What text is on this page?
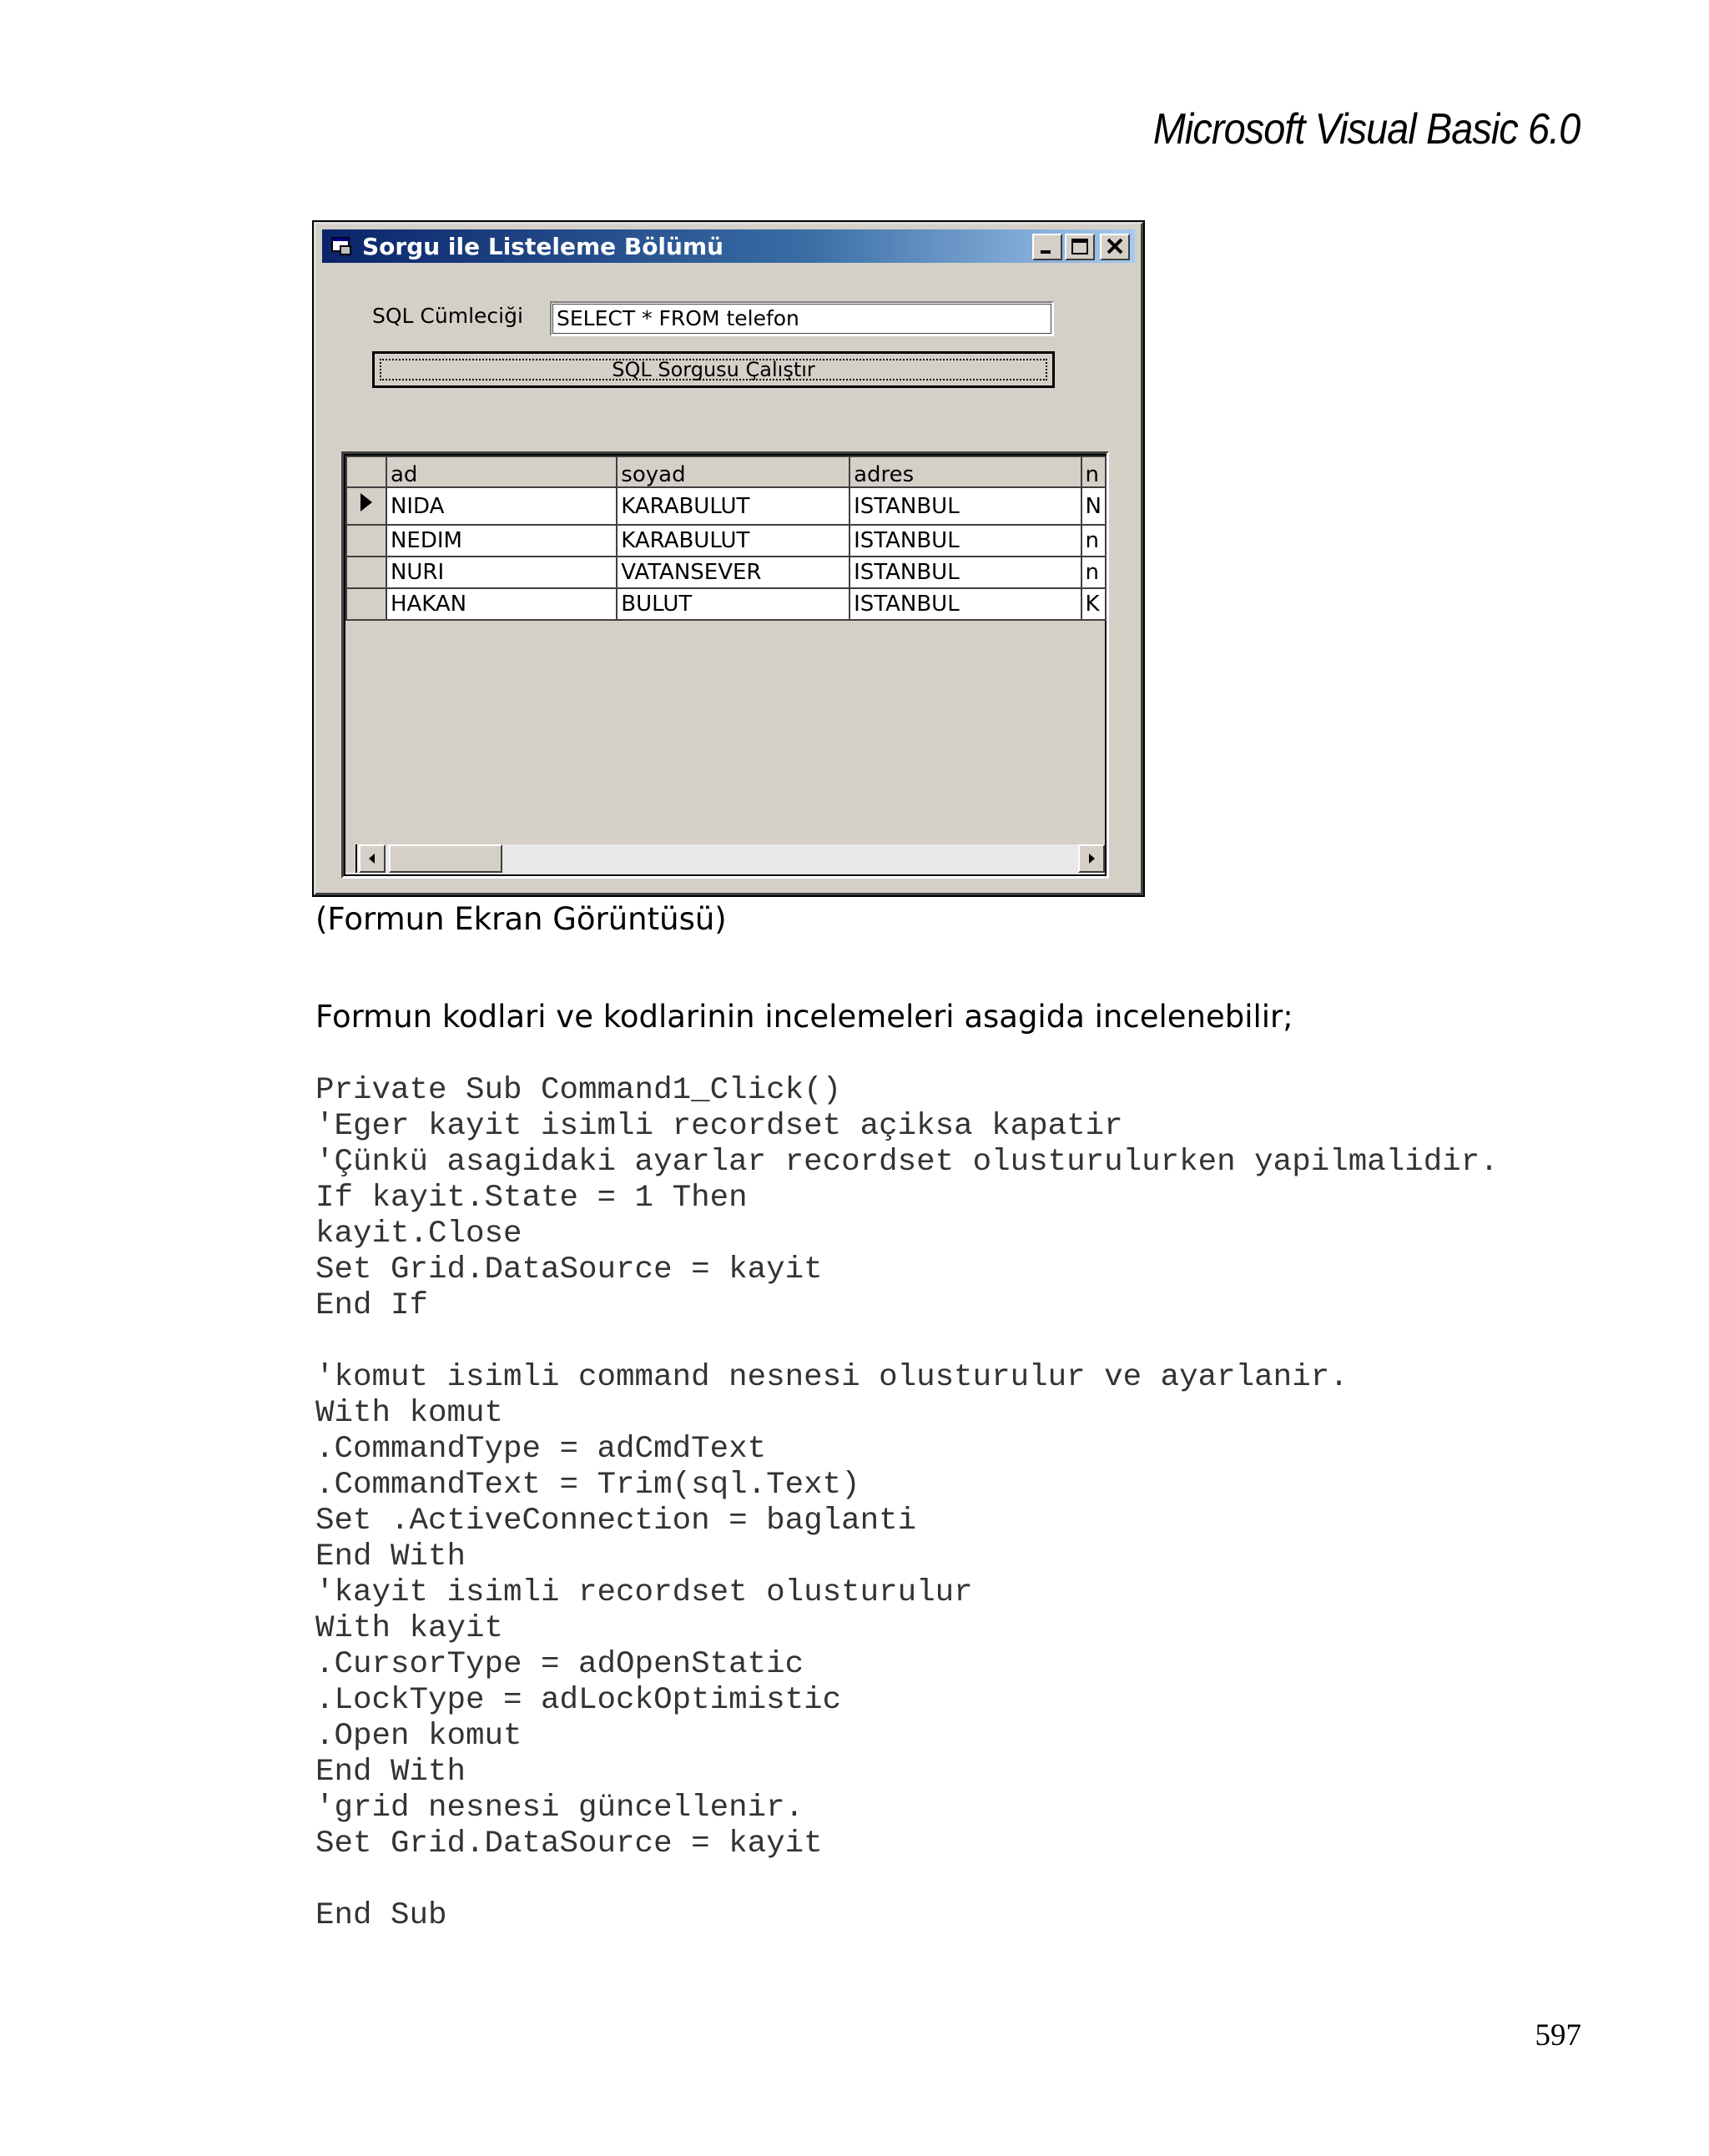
Microsoft Visual Basic 6.0
Sorgu ile Listeleme Bölümü
SQL Cümleciği	SELECT * FROM telefon
SQL Sorgusu Çalıştır
	ad	soyad	adres	n
	NIDA	KARABULUT	ISTANBUL	N
	NEDIM	KARABULUT	ISTANBUL	n
	NURI	VATANSEVER	ISTANBUL	n
	HAKAN	BULUT	ISTANBUL	K
(Formun Ekran Görüntüsü)
Formun kodlari ve kodlarinin incelemeleri asagida incelenebilir;
Private Sub Command1_Click()
'Eger kayit isimli recordset açiksa kapatir
'Çünkü asagidaki ayarlar recordset olusturulurken yapilmalidir.
If kayit.State = 1 Then
kayit.Close
Set Grid.DataSource = kayit
End If
'komut isimli command nesnesi olusturulur ve ayarlanir.
With komut
.CommandType = adCmdText
.CommandText = Trim(sql.Text)
Set .ActiveConnection = baglanti
End With
'kayit isimli recordset olusturulur
With kayit
.CursorType = adOpenStatic
.LockType = adLockOptimistic
.Open komut
End With
'grid nesnesi güncellenir.
Set Grid.DataSource = kayit
End Sub
597
